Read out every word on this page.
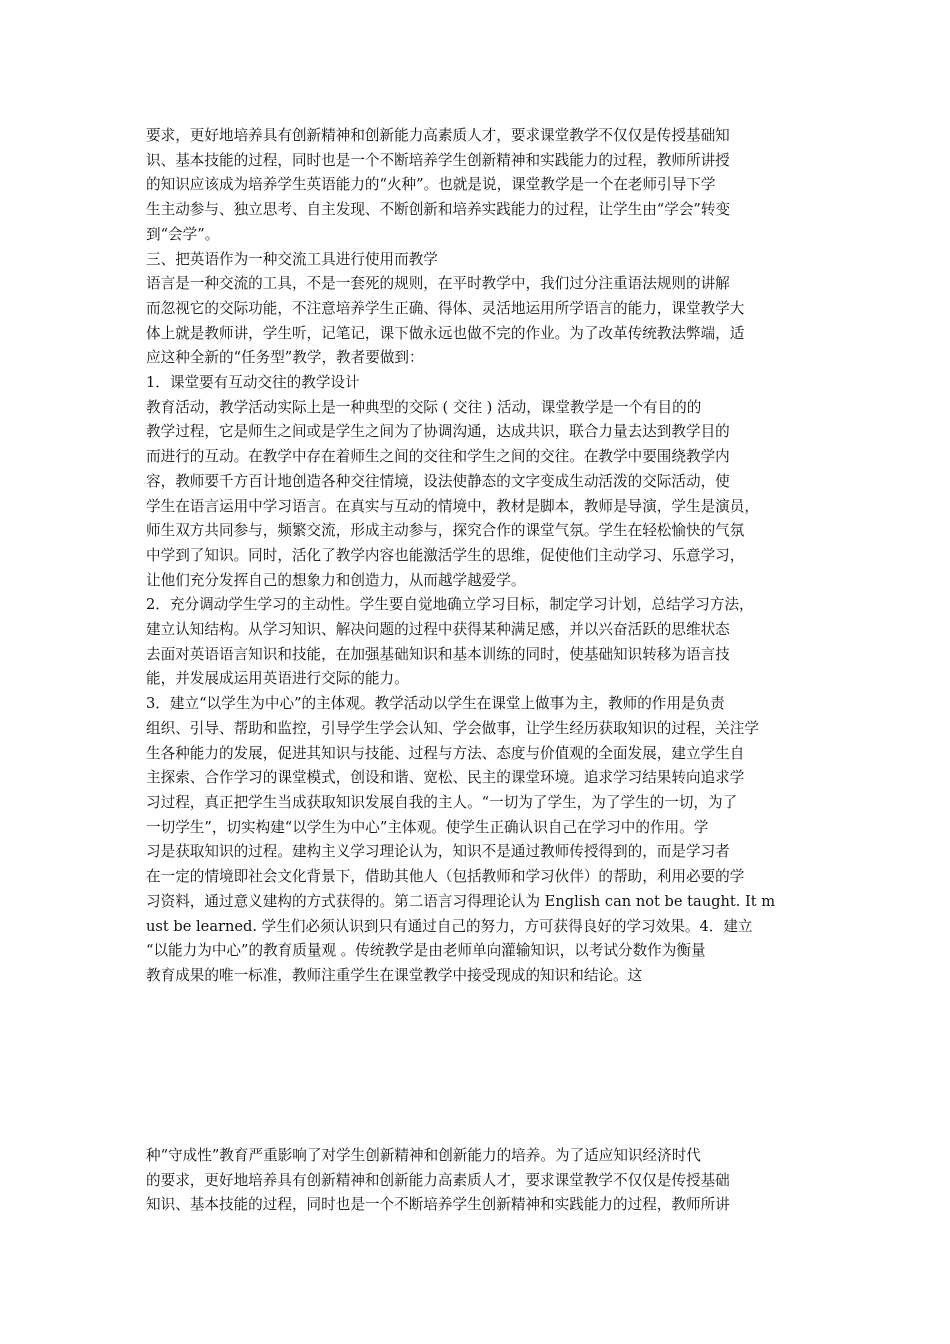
要求，更好地培养具有创新精神和创新能力高素质人才，要求课堂教学不仅仅是传授基础知
识、基本技能的过程，同时也是一个不断培养学生创新精神和实践能力的过程，教师所讲授
的知识应该成为培养学生英语能力的“火种”。也就是说，课堂教学是一个在老师引导下学
生主动参与、独立思考、自主发现、不断创新和培养实践能力的过程，让学生由“学会”转变
到“会学”。
三、把英语作为一种交流工具进行使用而教学
语言是一种交流的工具，不是一套死的规则，在平时教学中，我们过分注重语法规则的讲解
而忽视它的交际功能，不注意培养学生正确、得体、灵活地运用所学语言的能力，课堂教学大
体上就是教师讲，学生听，记笔记，课下做永远也做不完的作业。为了改革传统教法弊端，适
应这种全新的“任务型”教学，教者要做到：
1．课堂要有互动交往的教学设计
教育活动，教学活动实际上是一种典型的交际 ( 交往 ) 活动，课堂教学是一个有目的的
教学过程，它是师生之间或是学生之间为了协调沟通，达成共识，联合力量去达到教学目的
而进行的互动。在教学中存在着师生之间的交往和学生之间的交往。在教学中要围绕教学内
容，教师要千方百计地创造各种交往情境，设法使静态的文字变成生动活泼的交际活动，使
学生在语言运用中学习语言。在真实与互动的情境中，教材是脚本，教师是导演，学生是演员，
师生双方共同参与，频繁交流，形成主动参与，探究合作的课堂气氛。学生在轻松愉快的气氛
中学到了知识。同时，活化了教学内容也能激活学生的思维，促使他们主动学习、乐意学习，
让他们充分发挥自己的想象力和创造力，从而越学越爱学。
2．充分调动学生学习的主动性。学生要自觉地确立学习目标，制定学习计划，总结学习方法，
建立认知结构。从学习知识、解决问题的过程中获得某种满足感，并以兴奋活跃的思维状态
去面对英语语言知识和技能，在加强基础知识和基本训练的同时，使基础知识转移为语言技
能，并发展成运用英语进行交际的能力。
3．建立“以学生为中心”的主体观。教学活动以学生在课堂上做事为主，教师的作用是负责
组织、引导、帮助和监控，引导学生学会认知、学会做事，让学生经历获取知识的过程，关注学
生各种能力的发展，促进其知识与技能、过程与方法、态度与价值观的全面发展，建立学生自
主探索、合作学习的课堂模式，创设和谐、宽松、民主的课堂环境。追求学习结果转向追求学
习过程，真正把学生当成获取知识发展自我的主人。“一切为了学生，为了学生的一切，为了
一切学生”，切实构建“以学生为中心”主体观。使学生正确认识自己在学习中的作用。学
习是获取知识的过程。建构主义学习理论认为，知识不是通过教师传授得到的，而是学习者
在一定的情境即社会文化背景下，借助其他人（包括教师和学习伙伴）的帮助，利用必要的学
习资料，通过意义建构的方式获得的。第二语言习得理论认为 English can not be taught. It m
ust be learned. 学生们必须认识到只有通过自己的努力，方可获得良好的学习效果。4．建立
“以能力为中心”的教育质量观 。传统教学是由老师单向灌输知识，以考试分数作为衡量
教育成果的唯一标准，教师注重学生在课堂教学中接受现成的知识和结论。这
种“守成性”教育严重影响了对学生创新精神和创新能力的培养。为了适应知识经济时代
的要求，更好地培养具有创新精神和创新能力高素质人才，要求课堂教学不仅仅是传授基础
知识、基本技能的过程，同时也是一个不断培养学生创新精神和实践能力的过程，教师所讲
